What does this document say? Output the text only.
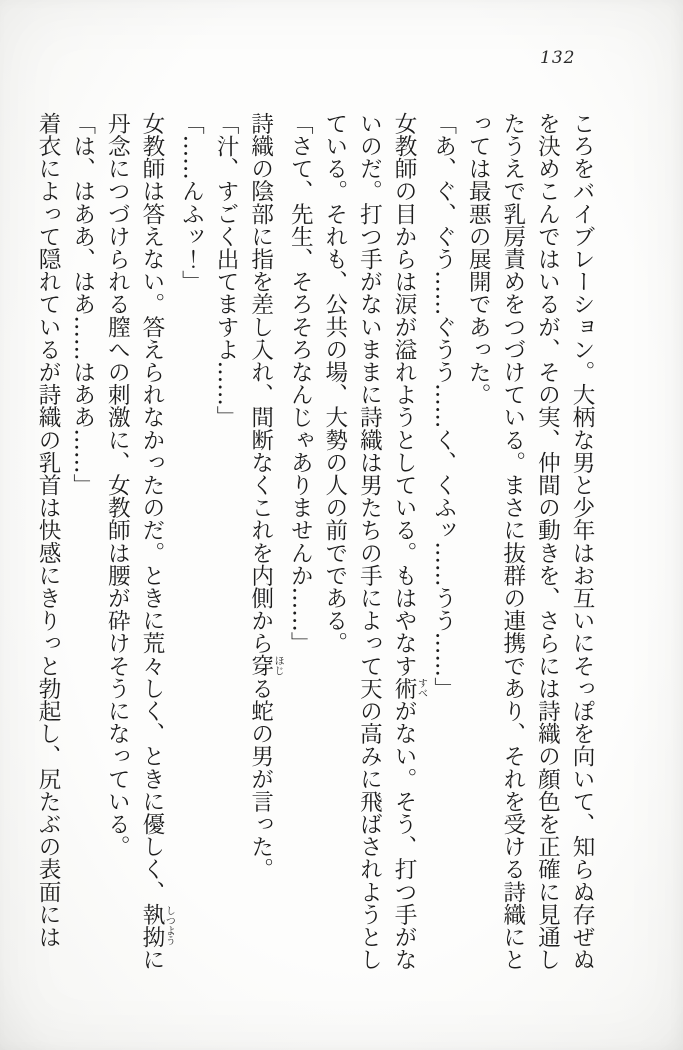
132

ころをバイブレーション。大柄な男と少年はお互いにそっぽを向いて、知らぬ存ぜぬを決めこんではいるが、その実、仲間の動きを、さらには詩織の顔色を正確に見通したうえで乳房責めをつづけている。まさに抜群の連携であり、それを受ける詩織にとっては最悪の展開であった。

「あ、ぐ、ぐう……ぐうう……く、くふッ……うう……」

女教師の目からは涙が溢れようとしている。もはやなす術すべがない。そう、打つ手がないのだ。打つ手がないままに詩織は男たちの手によって天の高みに飛ばされようとしている。それも、公共の場、大勢の人の前でである。

「さて、先生、そろそろなんじゃありませんか……」

詩織の陰部に指を差し入れ、間断なくこれを内側から穿ほじる蛇の男が言った。

「汁、すごく出てますよ……」

「……んふッ！」

女教師は答えない。答えられなかったのだ。ときに荒々しく、ときに優しく、執拗しつように丹念につづけられる膣への刺激に、女教師は腰が砕けそうになっている。

「は、はああ、はあ……はああ……」

着衣によって隠れているが詩織の乳首は快感にきりっと勃起し、尻たぶの表面には
